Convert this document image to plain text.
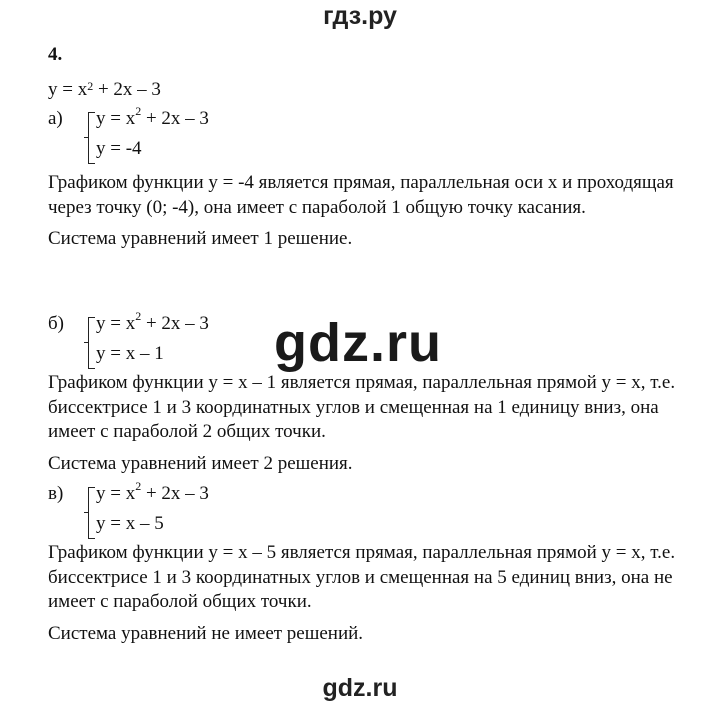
гдз.ру
gdz.ru
4.
$y = x^2 + 2x - 3$
а) $y = x^2 + 2x - 3$
y = -4
Графиком функции y = -4 является прямая, параллельная оси x и проходящая через точку (0; -4), она имеет с параболой 1 общую точку касания.
Система уравнений имеет 1 решение.
б) $y = x^2 + 2x - 3$
y = x – 1
Графиком функции y = x – 1 является прямая, параллельная прямой y = x, т.е. биссектрисе 1 и 3 координатных углов и смещенная на 1 единицу вниз, она имеет с параболой 2 общих точки.
Система уравнений имеет 2 решения.
в) $y = x^2 + 2x - 3$
y = x – 5
Графиком функции y = x – 5 является прямая, параллельная прямой y = x, т.е. биссектрисе 1 и 3 координатных углов и смещенная на 5 единиц вниз, она не имеет с параболой общих точки.
Система уравнений не имеет решений.
gdz.ru
